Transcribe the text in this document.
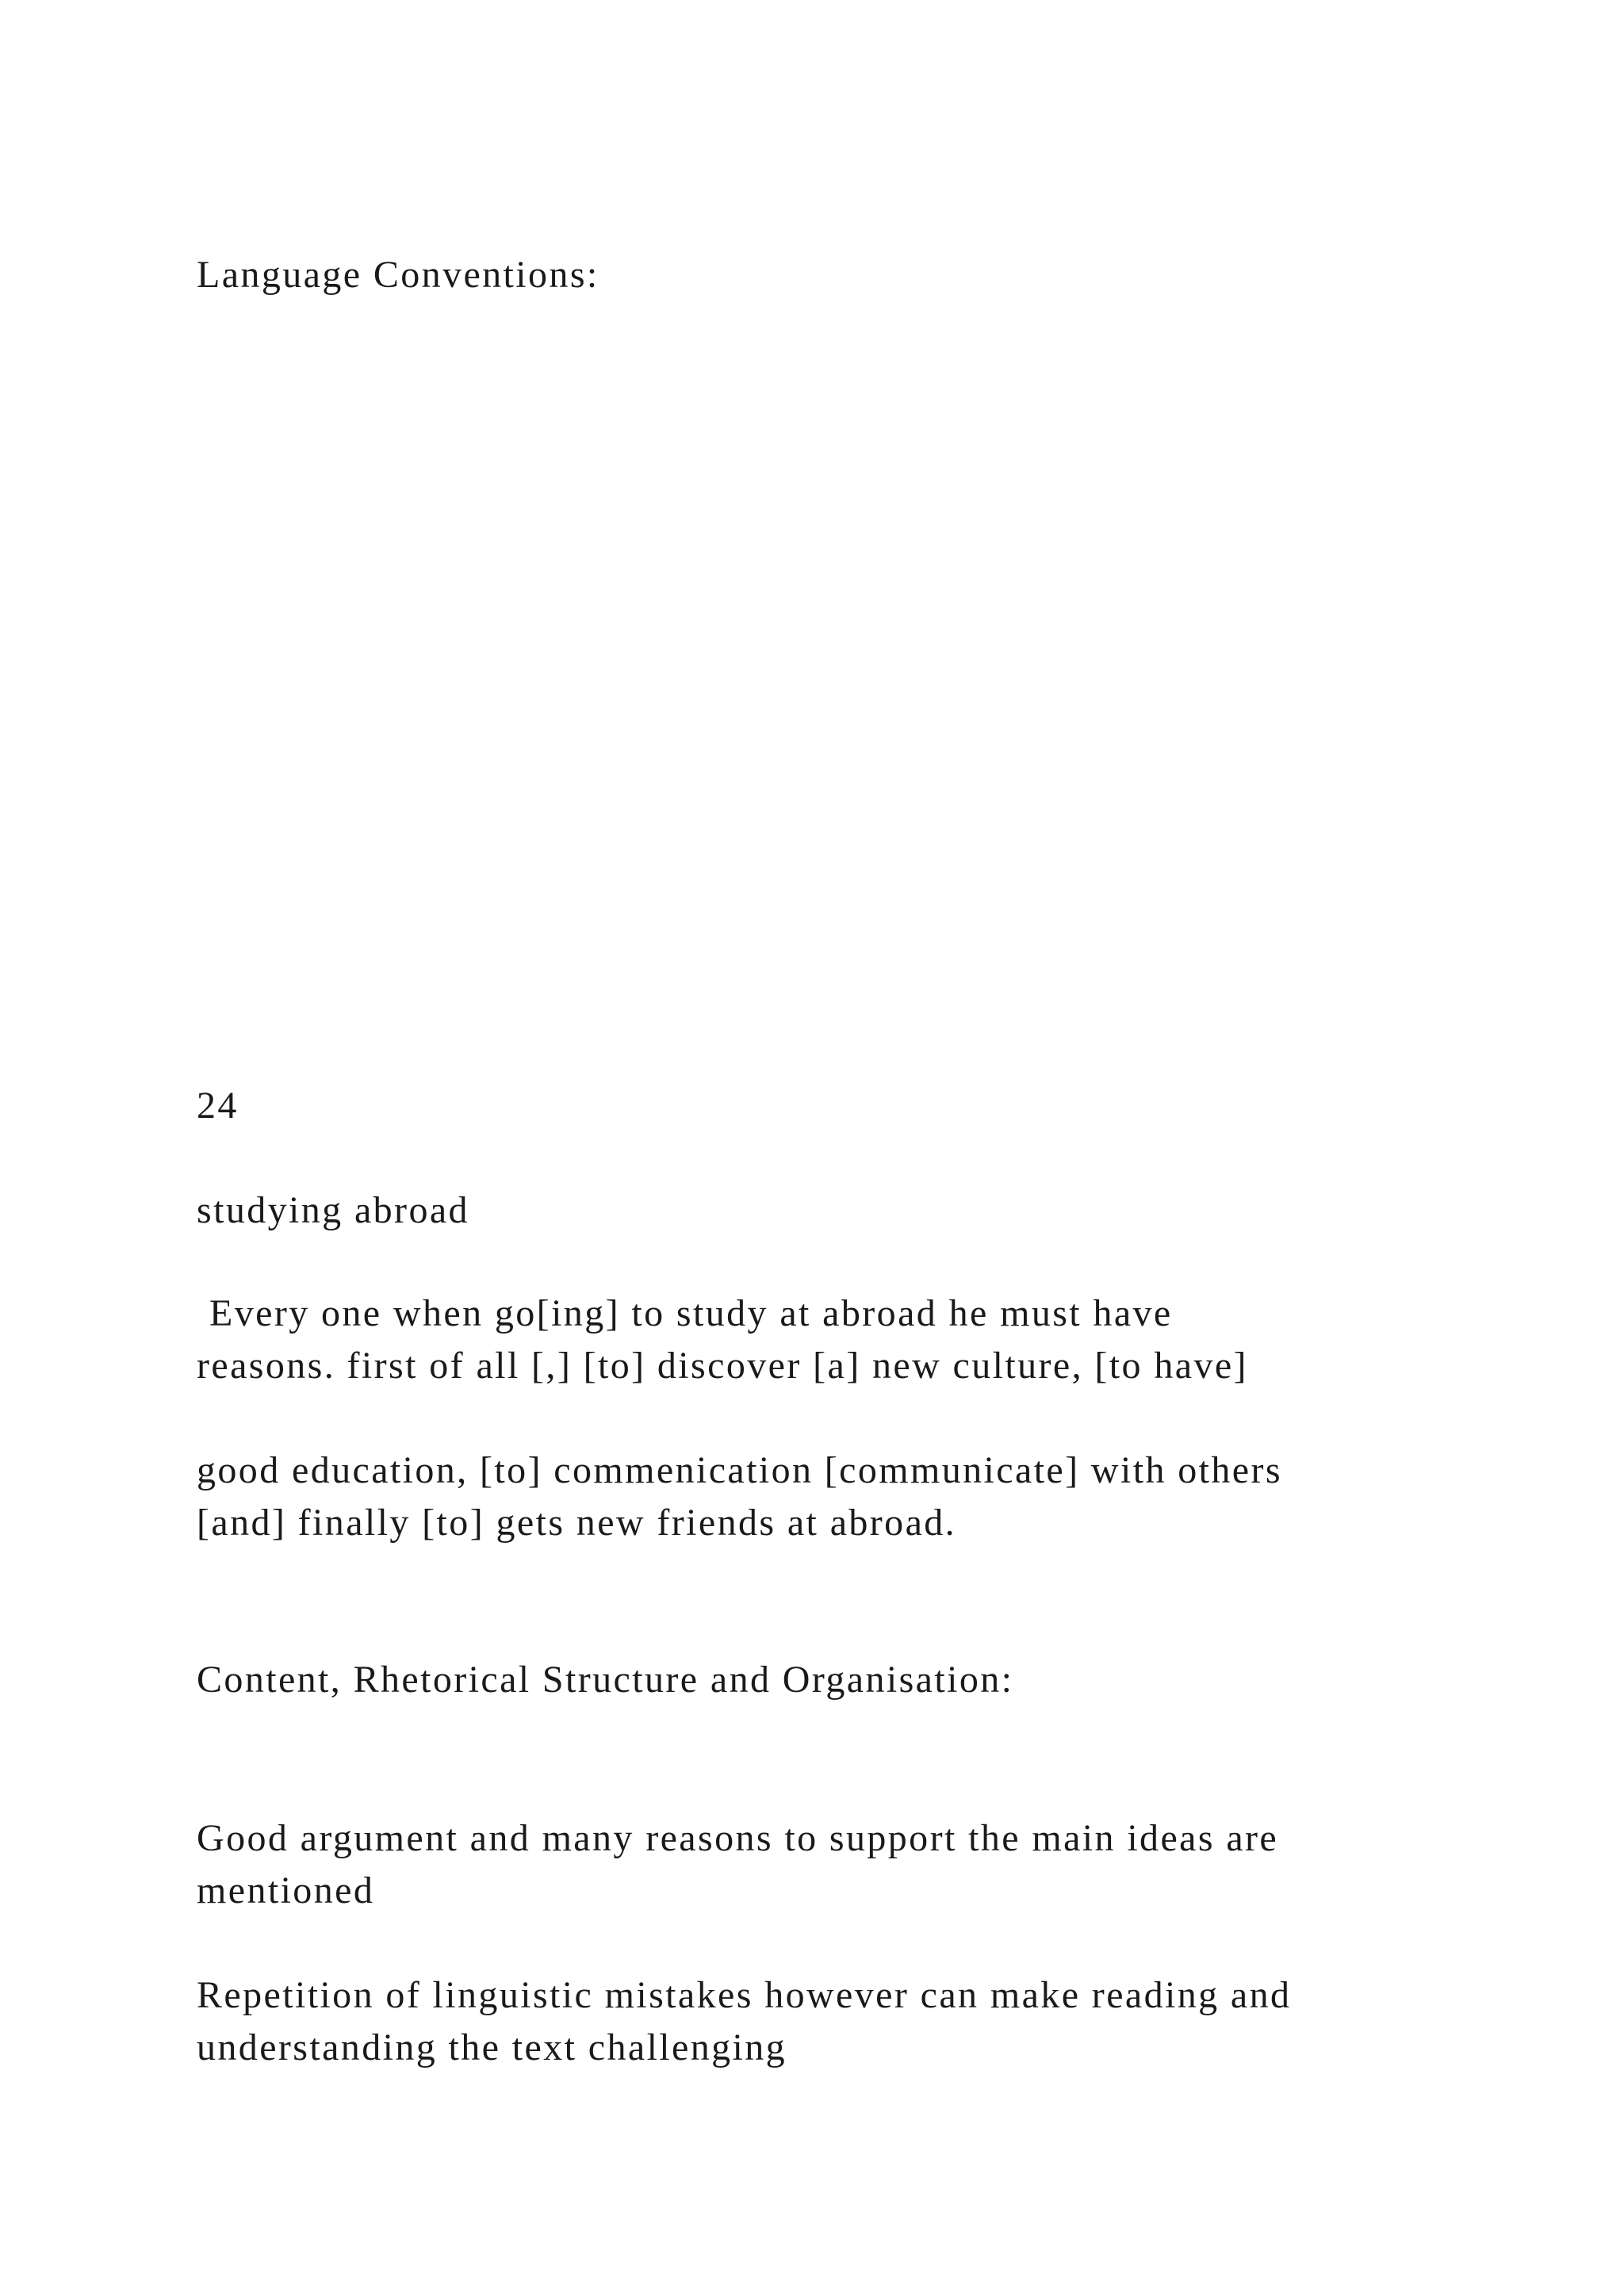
Language Conventions:

24

studying abroad

Every one when go[ing] to study at abroad he must have

reasons. first of all [,] [to] discover [a] new culture, [to have]

good education, [to] commenication [communicate] with others

[and] finally [to] gets new friends at abroad.

Content, Rhetorical Structure and Organisation:

Good argument and many reasons to support the main ideas are

mentioned

Repetition of linguistic mistakes however can make reading and

understanding the text challenging
